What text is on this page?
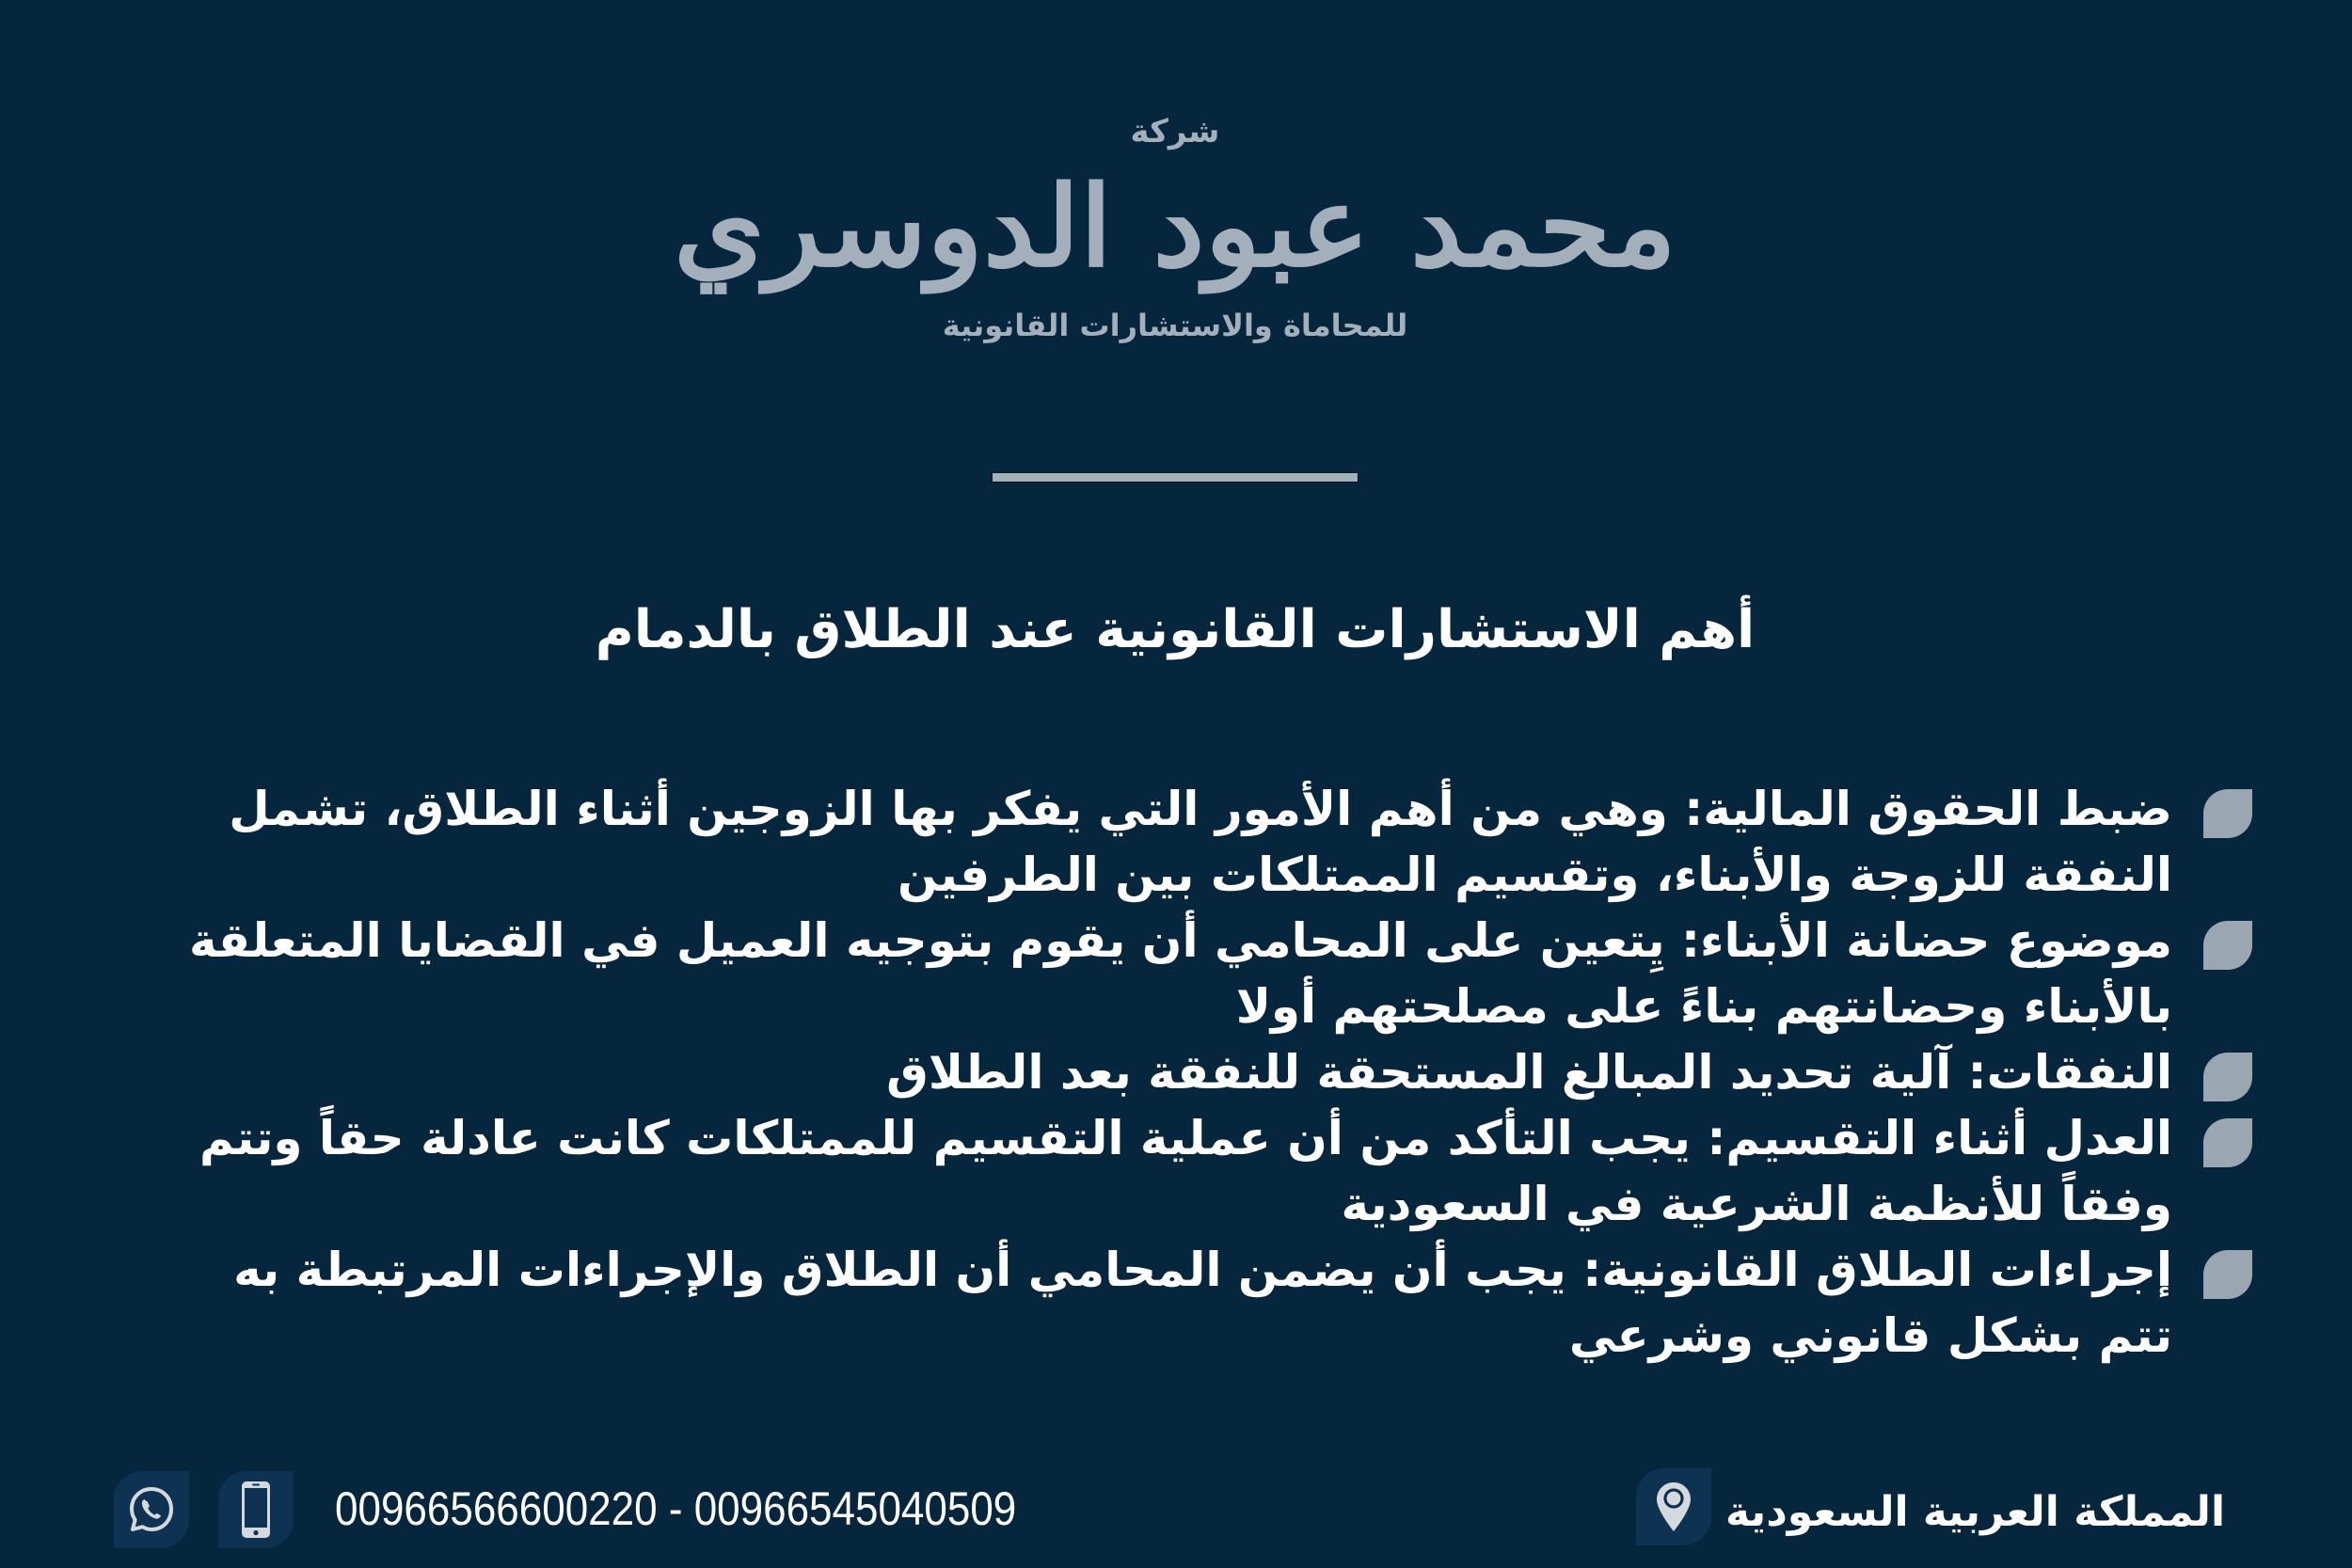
شركة
محمد عبود الدوسري
للمحاماة والاستشارات القانونية
أهم الاستشارات القانونية عند الطلاق بالدمام
ضبط الحقوق المالية: وهي من أهم الأمور التي يفكر بها الزوجين أثناء الطلاق، تشمل النفقة للزوجة والأبناء، وتقسيم الممتلكات بين الطرفين
موضوع حضانة الأبناء: يِتعين على المحامي أن يقوم بتوجيه العميل في القضايا المتعلقة بالأبناء وحضانتهم بناءً على مصلحتهم أولا
النفقات: آلية تحديد المبالغ المستحقة للنفقة بعد الطلاق
العدل أثناء التقسيم: يجب التأكد من أن عملية التقسيم للممتلكات كانت عادلة حقاً وتتم وفقاً للأنظمة الشرعية في السعودية
إجراءات الطلاق القانونية: يجب أن يضمن المحامي أن الطلاق والإجراءات المرتبطة به تتم بشكل قانوني وشرعي
00966566600220 - 00966545040509	المملكة العربية السعودية
